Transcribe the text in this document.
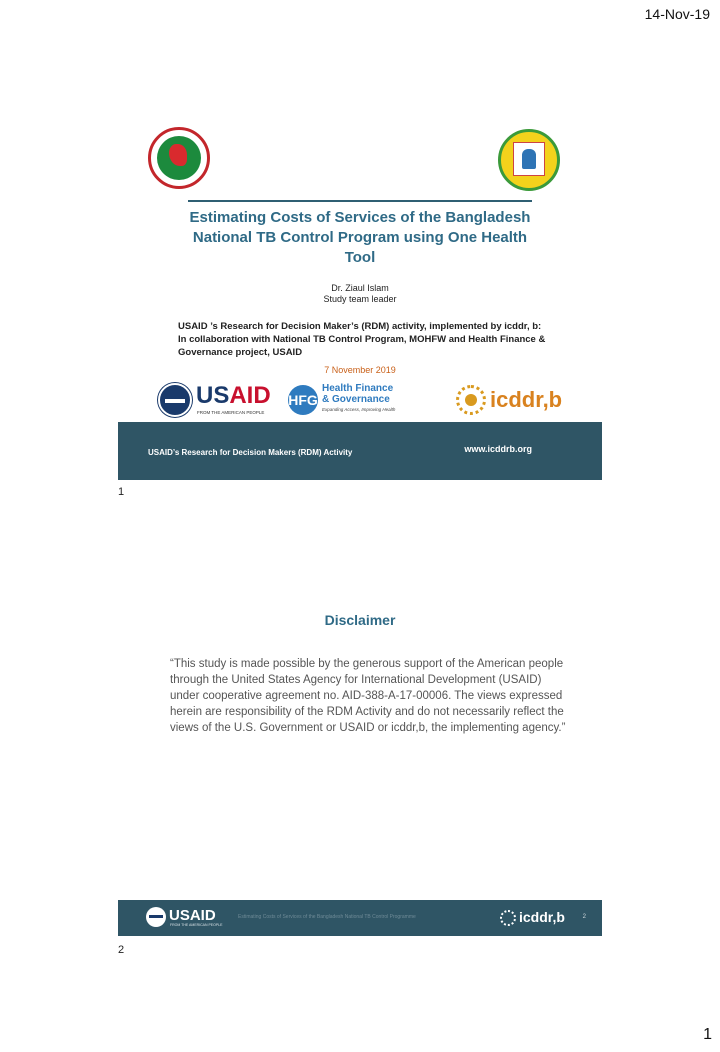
14-Nov-19
Estimating Costs of Services of the Bangladesh National TB Control Program using One Health Tool
Dr. Ziaul Islam
Study team leader
USAID ’s Research for Decision Maker’s (RDM) activity, implemented by icddr, b: In collaboration with National TB Control Program, MOHFW and Health Finance & Governance project, USAID
7 November 2019
USAID
FROM THE AMERICAN PEOPLE
HFG
Health Finance
& Governance
Expanding Access, Improving Health	icddr,b
USAID’s Research for Decision Makers (RDM) Activity	www.icddrb.org
1
Disclaimer
“This study is made possible by the generous support of the American people through the United States Agency for International Development (USAID) under cooperative agreement no. AID-388-A-17-00006. The views expressed herein are responsibility of the RDM Activity and do not necessarily reflect the views of the U.S. Government or USAID or icddr,b, the implementing agency.”
USAID
FROM THE AMERICAN PEOPLE
Estimating Costs of Services of the Bangladesh National TB Control Programme	icddr,b	2
2
1
